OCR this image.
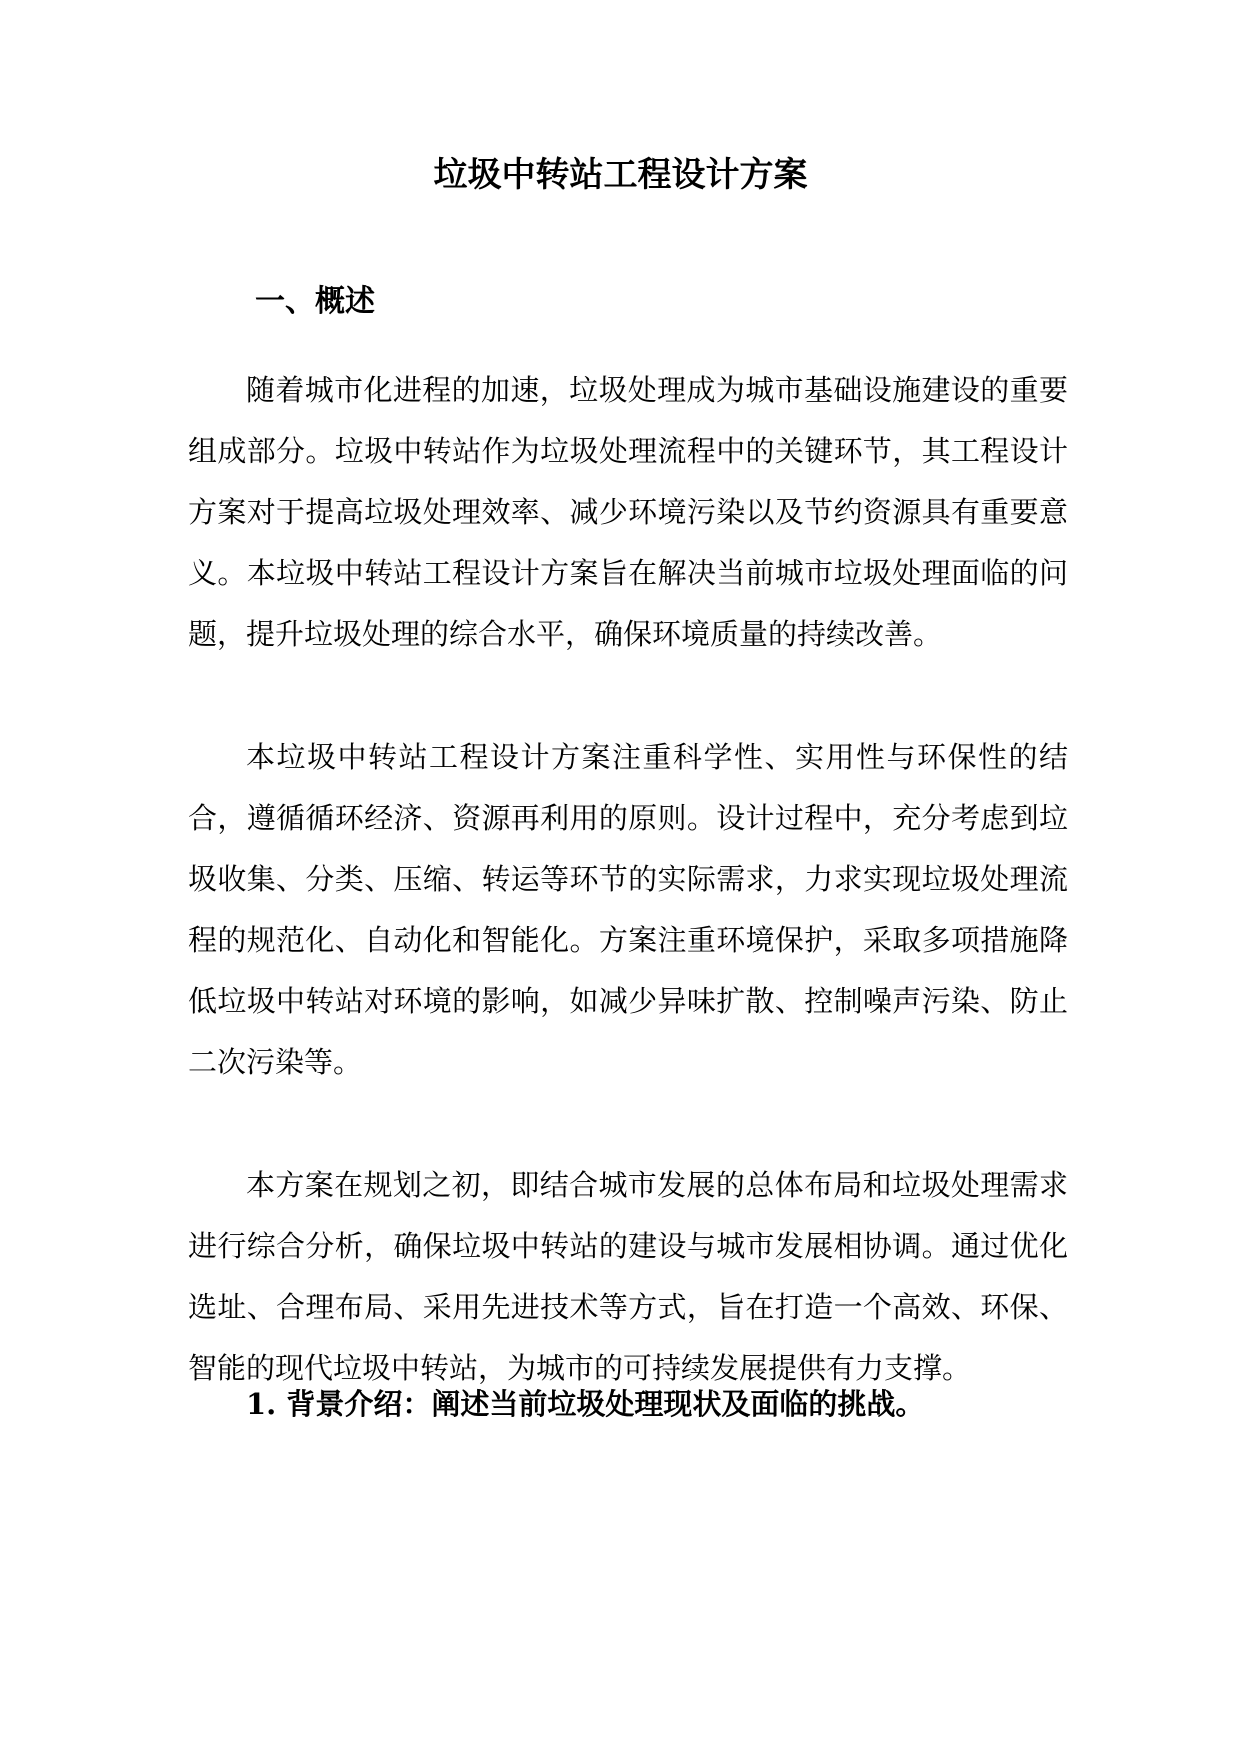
垃圾中转站工程设计方案
一、概述

随着城市化进程的加速，垃圾处理成为城市基础设施建设的重要组成部分。垃圾中转站作为垃圾处理流程中的关键环节，其工程设计方案对于提高垃圾处理效率、减少环境污染以及节约资源具有重要意义。本垃圾中转站工程设计方案旨在解决当前城市垃圾处理面临的问题，提升垃圾处理的综合水平，确保环境质量的持续改善。

本垃圾中转站工程设计方案注重科学性、实用性与环保性的结合，遵循循环经济、资源再利用的原则。设计过程中，充分考虑到垃圾收集、分类、压缩、转运等环节的实际需求，力求实现垃圾处理流程的规范化、自动化和智能化。方案注重环境保护，采取多项措施降低垃圾中转站对环境的影响，如减少异味扩散、控制噪声污染、防止二次污染等。

本方案在规划之初，即结合城市发展的总体布局和垃圾处理需求进行综合分析，确保垃圾中转站的建设与城市发展相协调。通过优化选址、合理布局、采用先进技术等方式，旨在打造一个高效、环保、智能的现代垃圾中转站，为城市的可持续发展提供有力支撑。

1. 背景介绍：阐述当前垃圾处理现状及面临的挑战。
